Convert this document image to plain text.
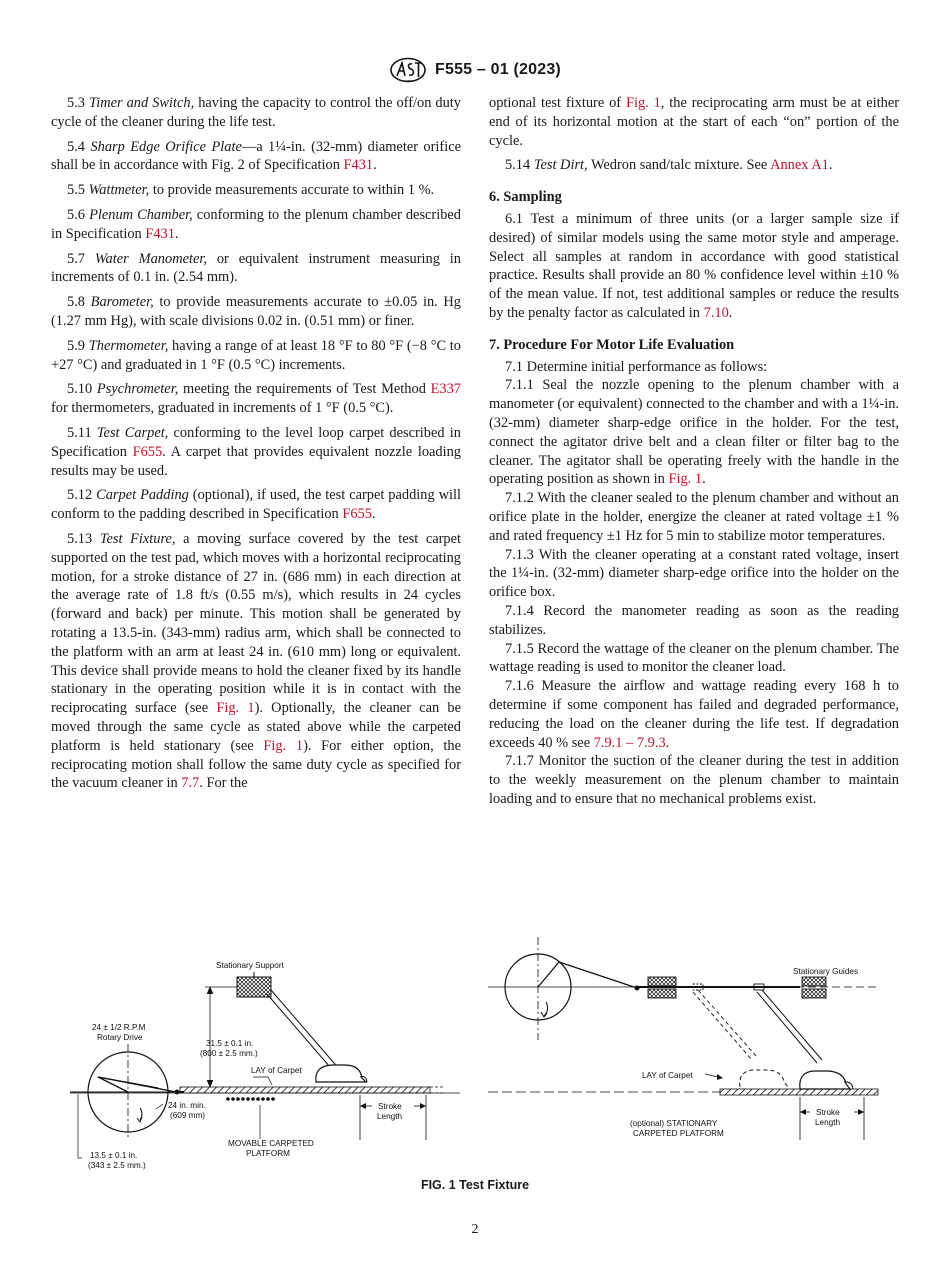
ASTM
F555 – 01 (2023)

5.3 Timer and Switch, having the capacity to control the off/on duty cycle of the cleaner during the life test.

5.4 Sharp Edge Orifice Plate—a 1¼-in. (32-mm) diameter orifice shall be in accordance with Fig. 2 of Specification F431.

5.5 Wattmeter, to provide measurements accurate to within 1 %.

5.6 Plenum Chamber, conforming to the plenum chamber described in Specification F431.

5.7 Water Manometer, or equivalent instrument measuring in increments of 0.1 in. (2.54 mm).

5.8 Barometer, to provide measurements accurate to ±0.05 in. Hg (1.27 mm Hg), with scale divisions 0.02 in. (0.51 mm) or finer.

5.9 Thermometer, having a range of at least 18 °F to 80 °F (−8 °C to +27 °C) and graduated in 1 °F (0.5 °C) increments.

5.10 Psychrometer, meeting the requirements of Test Method E337 for thermometers, graduated in increments of 1 °F (0.5 °C).

5.11 Test Carpet, conforming to the level loop carpet described in Specification F655. A carpet that provides equivalent nozzle loading results may be used.

5.12 Carpet Padding (optional), if used, the test carpet padding will conform to the padding described in Specification F655.

5.13 Test Fixture, a moving surface covered by the test carpet supported on the test pad, which moves with a horizontal reciprocating motion, for a stroke distance of 27 in. (686 mm) in each direction at the average rate of 1.8 ft/s (0.55 m/s), which results in 24 cycles (forward and back) per minute. This motion shall be generated by rotating a 13.5-in. (343-mm) radius arm, which shall be connected to the platform with an arm at least 24 in. (610 mm) long or equivalent. This device shall provide means to hold the cleaner fixed by its handle stationary in the operating position while it is in contact with the reciprocating surface (see Fig. 1). Optionally, the cleaner can be moved through the same cycle as stated above while the carpeted platform is held stationary (see Fig. 1). For either option, the reciprocating motion shall follow the same duty cycle as specified for the vacuum cleaner in 7.7. For the

optional test fixture of Fig. 1, the reciprocating arm must be at either end of its horizontal motion at the start of each “on” portion of the cycle.

5.14 Test Dirt, Wedron sand/talc mixture. See Annex A1.

6. Sampling

6.1 Test a minimum of three units (or a larger sample size if desired) of similar models using the same motor style and amperage. Select all samples at random in accordance with good statistical practice. Results shall provide an 80 % confidence level within ±10 % of the mean value. If not, test additional samples or reduce the results by the penalty factor as calculated in 7.10.

7. Procedure For Motor Life Evaluation

7.1 Determine initial performance as follows:

7.1.1 Seal the nozzle opening to the plenum chamber with a manometer (or equivalent) connected to the chamber and with a 1¼-in. (32-mm) diameter sharp-edge orifice in the holder. For the test, connect the agitator drive belt and a clean filter or filter bag to the cleaner. The agitator shall be operating freely with the handle in the operating position as shown in Fig. 1.

7.1.2 With the cleaner sealed to the plenum chamber and without an orifice plate in the holder, energize the cleaner at rated voltage ±1 % and rated frequency ±1 Hz for 5 min to stabilize motor temperatures.

7.1.3 With the cleaner operating at a constant rated voltage, insert the 1¼-in. (32-mm) diameter sharp-edge orifice into the holder on the orifice box.

7.1.4 Record the manometer reading as soon as the reading stabilizes.

7.1.5 Record the wattage of the cleaner on the plenum chamber. The wattage reading is used to monitor the cleaner load.

7.1.6 Measure the airflow and wattage reading every 168 h to determine if some component has failed and degraded performance, reducing the load on the cleaner during the life test. If degradation exceeds 40 % see 7.9.1 – 7.9.3.

7.1.7 Monitor the suction of the cleaner during the test in addition to the weekly measurement on the plenum chamber to maintain loading and to ensure that no mechanical problems exist.

Stationary Support
24 ± 1/2 R.P.M
Rotary Drive
31.5 ± 0.1 in.
(800 ± 2.5 mm.)
LAY of Carpet
24 in. min.
(609 mm)
Stroke
Length
MOVABLE CARPETED
PLATFORM
13.5 ± 0.1 in.
(343 ± 2.5 mm.)
Stationary Guides
LAY of Carpet
(optional) STATIONARY
CARPETED PLATFORM
Stroke
Length
FIG. 1 Test Fixture
2
